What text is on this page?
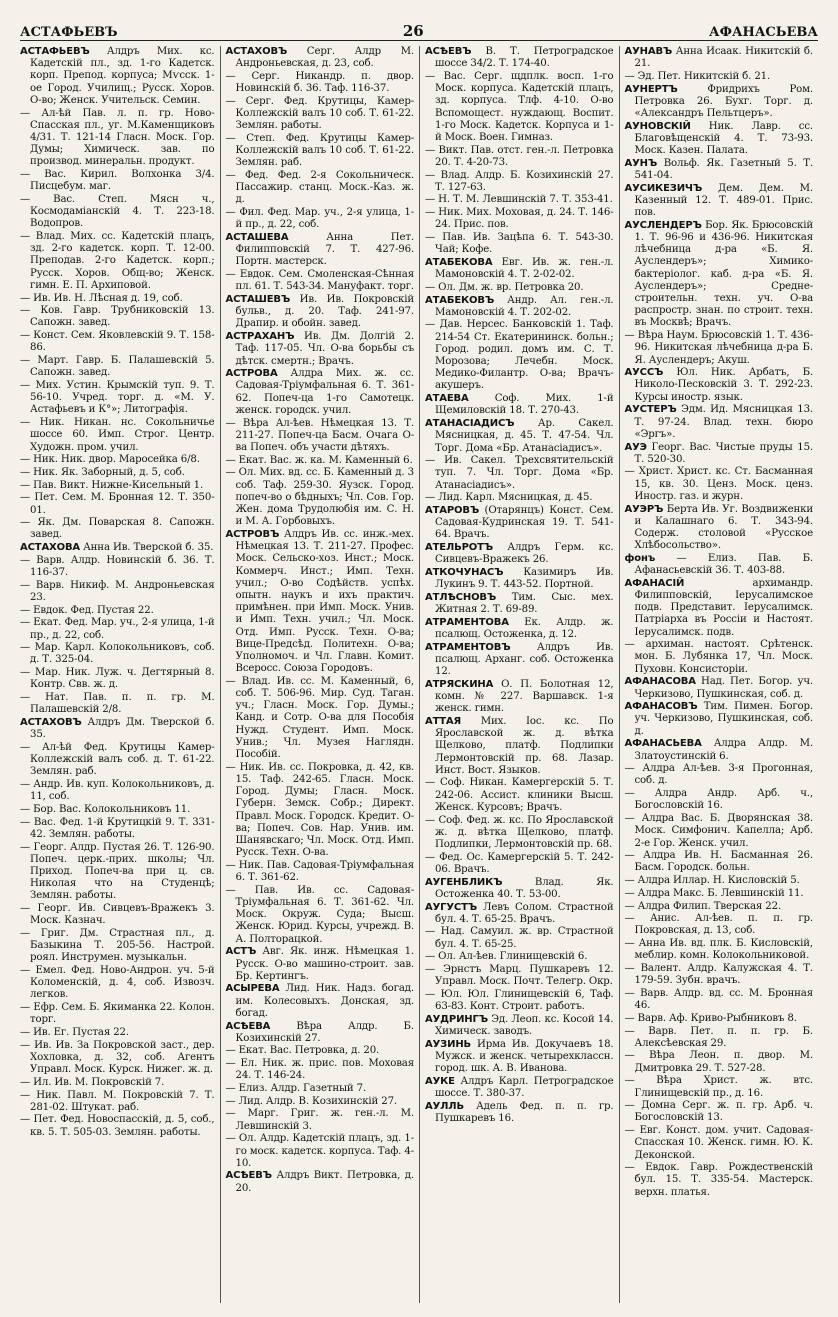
АСТАФЬЕВЪ	26	АФАНАСЬЕВА
АСТАФЬЕВЪ Алдръ Мих. кс. Кадетскій пл., зд. 1-го Кадетск. корп. Препод. корпуса; Мѵсск. 1-ое Город. Училищ.; Русск. Хоров. О-во; Женск. Учительск. Семин.
— Ал-ѣй Пав. л. п. гр. Ново-Спасская пл., уг. М.Каменщиковъ 4/31. Т. 121-14 Гласн. Моск. Гор. Думы; Химическ. зав. по производ. минеральн. продукт.
— Вас. Кирил. Волхонка 3/4. Писцебум. маг.
— Вас. Степ. Мясн ч., Космодаміанскій 4. Т. 223-18. Водопров.
— Влад. Мих. сс. Кадетскій плацъ, зд. 2-го кадетск. корп. Т. 12-00. Преподав. 2-го Кадетск. корп.; Русск. Хоров. Общ-во; Женск. гимн. Е. П. Архиповой.
— Ив. Ив. Н. Лѣсная д. 19, соб.
— Ков. Гавр. Трубниковскій 13. Сапожн. завед.
— Конст. Сем. Яковлевскій 9. Т. 158-86.
— Март. Гавр. Б. Палашевскій 5. Сапожн. завед.
— Мих. Устин. Крымскій туп. 9. Т. 56-10. Учред. торг. д. «М. У. Астафьевъ и К°»; Литографія.
— Ник. Никан. нс. Сокольничье шоссе 60. Имп. Строг. Центр. Художн. пром. учил.
— Ник. Ник. двор. Маросейка 6/8.
— Ник. Як. Заборный, д. 5, соб.
— Пав. Викт. Нижне-Кисельный 1.
— Пет. Сем. М. Бронная 12. Т. 350-01.
— Як. Дм. Поварская 8. Сапожн. завед.
АСТАХОВА Анна Ив. Тверской б. 35.
— Варв. Алдр. Новинскій б. 36. Т. 116-37.
— Варв. Никиф. М. Андроньевская 23.
— Евдок. Фед. Пустая 22.
— Екат. Фед. Мар. уч., 2-я улица, 1-й пр., д. 22, соб.
— Мар. Карл. Колокольниковъ, соб. д. Т. 325-04.
— Мар. Ник. Луж. ч. Дегтярный 8. Контр. Свв. ж. д.
— Нат. Пав. п. п. гр. М. Палашевскій 2/8.
АСТАХОВЪ Алдръ Дм. Тверской б. 35.
— Ал-ѣй Фед. Крутицы Камер-Коллежскій валъ соб. д. Т. 61-22. Землян. раб.
— Андр. Ив. куп. Колокольниковъ, д. 11, соб.
— Бор. Вас. Колокольниковъ 11.
— Вас. Фед. 1-й Крутицкій 9. Т. 331-42. Землян. работы.
— Георг. Алдр. Пустая 26. Т. 126-90. Попеч. церк.-прих. школы; Чл. Приход. Попеч-ва при ц. св. Николая что на Студенцѣ; Землян. работы.
— Георг. Ив. Сивцевъ-Вражекъ 3. Моск. Казнач.
— Григ. Дм. Страстная пл., д. Базыкина Т. 205-56. Настрой. роял. Инструмен. музыкальн.
— Емел. Фед. Ново-Андрон. уч. 5-й Коломенскій, д. 4, соб. Извозч. легков.
— Ефр. Сем. Б. Якиманка 22. Колон. торг.
— Ив. Ег. Пустая 22.
— Ив. Ив. За Покровской заст., дер. Хохловка, д. 32, соб. Агентъ Управл. Моск. Курск. Нижег. ж. д.
— Ил. Ив. М. Покровскій 7.
— Ник. Павл. М. Покровскій 7. Т. 281-02. Штукат. раб.
— Пет. Фед. Новоспасскій, д. 5, соб., кв. 5. Т. 505-03. Землян. работы.
АСТАХОВЪ Серг. Алдр М. Андроньевская, д. 23, соб.
— Серг. Никандр. п. двор. Новинскій б. 36. Таф. 116-37.
— Серг. Фед. Крутицы, Камер-Коллежскій валъ 10 соб. Т. 61-22. Землян. работы.
— Степ. Фед. Крутицы Камер-Коллежскій валъ 10 соб. Т. 61-22. Землян. раб.
— Фед. Фед. 2-я Сокольническ. Пассажир. станц. Моск.-Каз. ж. д.
— Фил. Фед. Мар. уч., 2-я улица, 1-й пр., д. 22, соб.
АСТАШЕВА Анна Пет. Филипповскій 7. Т. 427-96. Портн. мастерск.
— Евдок. Сем. Смоленская-Сѣнная пл. 61. Т. 543-34. Мануфакт. торг.
АСТАШЕВЪ Ив. Ив. Покровскій бульв., д. 20. Таф. 241-97. Драпир. и обойн. завед.
АСТРАХАНЪ Ив. Дм. Долгій 2. Таф. 117-05. Чл. О-ва борьбы съ дѣтск. смертн.; Врачъ.
АСТРОВА Алдра Мих. ж. сс. Садовая-Тріумфальная 6. Т. 361-62. Попеч-ца 1-го Самотецк. женск. городск. учил.
— Вѣра Ал-ѣев. Нѣмецкая 13. Т. 211-27. Попеч-ца Басм. Очага О-ва Попеч. объ участи дѣтяхъ.
— Екат. Вас. ж. ка. М. Каменный 6.
— Ол. Мих. вд. сс. Б. Каменный д. 3 соб. Таф. 259-30. Яузск. Город. попеч-во о бѣдныхъ; Чл. Сов. Гор. Жен. дома Трудолюбія им. С. Н. и М. А. Горбовыхъ.
АСТРОВЪ Алдръ Ив. сс. инж.-мех. Нѣмецкая 13. Т. 211-27. Профес. Моск. Сельско-хоз. Инст.; Моск. Коммерч. Инст.; Имп. Техн. учил.; О-во Содѣйств. успѣх. опытн. наукъ и ихъ практич. примѣнен. при Имп. Моск. Унив. и Имп. Техн. учил.; Чл. Моск. Отд. Имп. Русск. Техн. О-ва; Вице-Предсѣд. Политехн. О-ва; Уполномоч. и Чл. Главн. Комит. Всеросс. Союза Городовъ.
— Влад. Ив. сс. М. Каменный, 6, соб. Т. 506-96. Мир. Суд. Таган. уч.; Гласн. Моск. Гор. Думы.; Канд. и Сотр. О-ва для Пособія Нужд. Студент. Имп. Моск. Унив.; Чл. Музея Наглядн. Пособій.
— Ник. Ив. сс. Покровка, д. 42, кв. 15. Таф. 242-65. Гласн. Моск. Город. Думы; Гласн. Моск. Губерн. Земск. Собр.; Директ. Правл. Моск. Городск. Кредит. О-ва; Попеч. Сов. Нар. Унив. им. Шанявскаго; Чл. Моск. Отд. Имп. Русск. Техн. О-ва.
— Ник. Пав. Садовая-Тріумфальная 6. Т. 361-62.
— Пав. Ив. сс. Садовая-Тріумфальная 6. Т. 361-62. Чл. Моск. Окруж. Суда; Высш. Женск. Юрид. Курсы, учрежд. В. А. Полторацкой.
АСТЪ Авг. Як. инж. Нѣмецкая 1. Русск. О-во машино-строит. зав. Бр. Кертингъ.
АСЫРЕВА Лид. Ник. Надз. богад. им. Колесовыхъ. Донская, зд. богад.
АСѢЕВА Вѣра Алдр. Б. Козихинскій 27.
— Екат. Вас. Петровка, д. 20.
— Ел. Ник. ж. прис. пов. Моховая 24. Т. 146-24.
— Елиз. Алдр. Газетный 7.
— Лид. Алдр. В. Козихинскій 27.
— Марг. Григ. ж. ген.-л. М. Левшинскій 3.
— Ол. Алдр. Кадетскій плацъ, зд. 1-го моск. кадетск. корпуса. Таф. 4-10.
АСѢЕВЪ Алдръ Викт. Петровка, д. 20.
АСѢЕВЪ В. Т. Петроградское шоссе 34/2. Т. 174-40.
— Вас. Серг. щдплк. восп. 1-го Моск. корпуса. Кадетскій плацъ, зд. корпуса. Тлф. 4-10. О-во Вспомощест. нуждающ. Воспит. 1-го Моск. Кадетск. Корпуса и 1-й Моск. Воен. Гимназ.
— Викт. Пав. отст. ген.-л. Петровка 20. Т. 4-20-73.
— Влад. Алдр. Б. Козихинскій 27. Т. 127-63.
— Н. Т. М. Левшинскій 7. Т. 353-41.
— Ник. Мих. Моховая, д. 24. Т. 146-24. Прис. пов.
— Пав. Ив. Зацѣпа 6. Т. 543-30. Чай; Кофе.
АТАБЕКОВА Евг. Ив. ж. ген.-л. Мамоновскій 4. Т. 2-02-02.
— Ол. Дм. ж. вр. Петровка 20.
АТАБЕКОВЪ Андр. Ал. ген.-л. Мамоновскій 4. Т. 202-02.
— Дав. Нерсес. Банковскій 1. Таф. 214-54 Ст. Екатерининск. больн.; Город. родил. домъ им. С. Т. Морозова; Лечебн. Моск. Медико-Филантр. О-ва; Врачъ-акушеръ.
АТАЕВА Соф. Мих. 1-й Щемиловскій 18. Т. 270-43.
АТАНАСІАДИСЪ Ар. Сакел. Мясницкая, д. 45. Т. 47-54. Чл. Торг. Дома «Бр. Атанасіадисъ».
— Ив. Сакел. Трехсвятительскій туп. 7. Чл. Торг. Дома «Бр. Атанасіадисъ».
— Лид. Карл. Мясницкая, д. 45.
АТАРОВЪ (Отарянцъ) Конст. Сем. Садовая-Кудринская 19. Т. 541-64. Врачъ.
АТЕЛЬРОТЪ Алдръ Герм. кс. Сивцевъ-Вражекъ 26.
АТКОЧУНАСЪ Казимиръ Ив. Лукинъ 9. Т. 443-52. Портной.
АТЛѢСНОВЪ Тим. Сыс. мех. Житная 2. Т. 69-89.
АТРАМЕНТОВА Ек. Алдр. ж. псалющ. Остоженка, д. 12.
АТРАМЕНТОВЪ Алдръ Ив. псалющ. Арханг. соб. Остоженка 12.
АТРЯСКИНА О. П. Болотная 12, комн. № 227. Варшавск. 1-я женск. гимн.
АТТАЯ Мих. Іос. кс. По Ярославской ж. д. вѣтка Щелково, платф. Подлипки Лермонтовскій пр. 68. Лазар. Инст. Вост. Языков.
— Соф. Никан. Камергерскій 5. Т. 242-06. Ассист. клиники Высш. Женск. Курсовъ; Врачъ.
— Соф. Фед. ж. кс. По Ярославской ж. д. вѣтка Щелково, платф. Подлипки, Лермонтовскій пр. 68.
— Фед. Ос. Камергерскій 5. Т. 242-06. Врачъ.
АУГЕНБЛИКЪ Влад. Як. Остоженка 40. Т. 53-00.
АУГУСТЪ Левъ Солом. Страстной бул. 4. Т. 65-25. Врачъ.
— Над. Самуил. ж. вр. Страстной бул. 4. Т. 65-25.
— Ол. Ал-ѣев. Глинищевскій 6.
— Эрнстъ Марц. Пушкаревъ 12. Управл. Моск. Почт. Телегр. Окр.
— Юл. Юл. Глинищевскій 6, Таф. 63-83. Конт. Строит. работъ.
АУДРИНГЪ Эд. Леоп. кс. Косой 14. Химическ. заводъ.
АУЗИНЬ Ирма Ив. Докучаевъ 18. Мужск. и женск. четырехклассн. город. шк. А. В. Иванова.
АУКЕ Алдръ Карл. Петроградское шоссе. Т. 380-37.
АУЛЛЬ Адель Фед. п. п. гр. Пушкаревъ 16.
АУНАВЪ Анна Исаак. Никитскій б. 21.
— Эд. Пет. Никитскій б. 21.
АУНЕРТЪ Фридрихъ Ром. Петровка 26. Бухг. Торг. д. «Александръ Пельтцеръ».
АУНОВСКІЙ Ник. Лавр. сс. Благовѣщенскій 4. Т. 73-93. Моск. Казен. Палата.
АУНЪ Вольф. Як. Газетный 5. Т. 541-04.
АУСИКЕЗИЧЪ Дем. Дем. М. Казенный 12. Т. 489-01. Прис. пов.
АУСЛЕНДЕРЪ Бор. Як. Брюсовскій 1. Т. 96-96 и 436-96. Никитская лѣчебница д-ра «Б. Я. Ауслендеръ»; Химико-бактеріолог. каб. д-ра «Б. Я. Ауслендеръ»; Средне-строительн. техн. уч. О-ва распростр. знан. по строит. техн. въ Москвѣ; Врачъ.
— Вѣра Наум. Брюсовскій 1. Т. 436-96. Никитская лѣчебница д-ра Б. Я. Ауслендеръ; Акуш.
АУССЪ Юл. Ник. Арбатъ, Б. Николо-Песковскій 3. Т. 292-23. Курсы иностр. язык.
АУСТЕРЪ Эдм. Ид. Мясницкая 13. Т. 97-24. Влад. техн. бюро «Эргъ».
АУЭ Георг. Вас. Чистые пруды 15. Т. 520-30.
— Христ. Христ. кс. Ст. Басманная 15, кв. 30. Ценз. Моск. ценз. Иностр. газ. и журн.
АУЭРЪ Берта Ив. Уг. Воздвиженки и Калашнаго 6. Т. 343-94. Содерж. столовой «Русское Хлѣбосольство».
фонъ — Елиз. Пав. Б. Афанасьевскій 36. Т. 403-88.
АФАНАСІЙ архимандр. Филипповскій, Іерусалимское подв. Представит. Іерусалимск. Патріарха въ Россіи и Настоят. Іерусалимск. подв.
— архиман. настоят. Срѣтенск. мон. Б. Лубянка 17, Чл. Моск. Пуховн. Консисторіи.
АФАНАСОВА Над. Пет. Богор. уч. Черкизово, Пушкинская, соб. д.
АФАНАСОВЪ Тим. Пимен. Богор. уч. Черкизово, Пушкинская, соб. д.
АФАНАСЬЕВА Алдра Алдр. М. Златоустинскій 6.
— Алдра Ал-ѣев. 3-я Прогонная, соб. д.
— Алдра Андр. Арб. ч., Богословскій 16.
— Алдра Вас. Б. Дворянская 38. Моск. Симфонич. Капелла; Арб. 2-е Гор. Женск. учил.
— Алдра Ив. Н. Басманная 26. Басм. Городск. больн.
— Алдра Иллар. Н. Кисловскій 5.
— Алдра Макс. Б. Левшинскій 11.
— Алдра Филип. Тверская 22.
— Анис. Ал-ѣев. п. п. гр. Покровская, д. 13, соб.
— Анна Ив. вд. плк. Б. Кисловскій, меблир. комн. Колокольниковой.
— Валент. Алдр. Калужская 4. Т. 179-59. Зубн. врачъ.
— Варв. Алдр. вд. сс. М. Бронная 46.
— Варв. Аф. Криво-Рыбниковъ 8.
— Варв. Пет. п. п. гр. Б. Алексѣевская 29.
— Вѣра Леон. п. двор. М. Дмитровка 29. Т. 527-28.
— Вѣра Христ. ж. втс. Глинищевскій пр., д. 16.
— Домна Серг. ж. п. гр. Арб. ч. Богословскій 13.
— Евг. Конст. дом. учит. Садовая-Спасская 10. Женск. гимн. Ю. К. Деконской.
— Евдок. Гавр. Рождественскій бул. 15. Т. 335-54. Мастерск. верхн. платья.
